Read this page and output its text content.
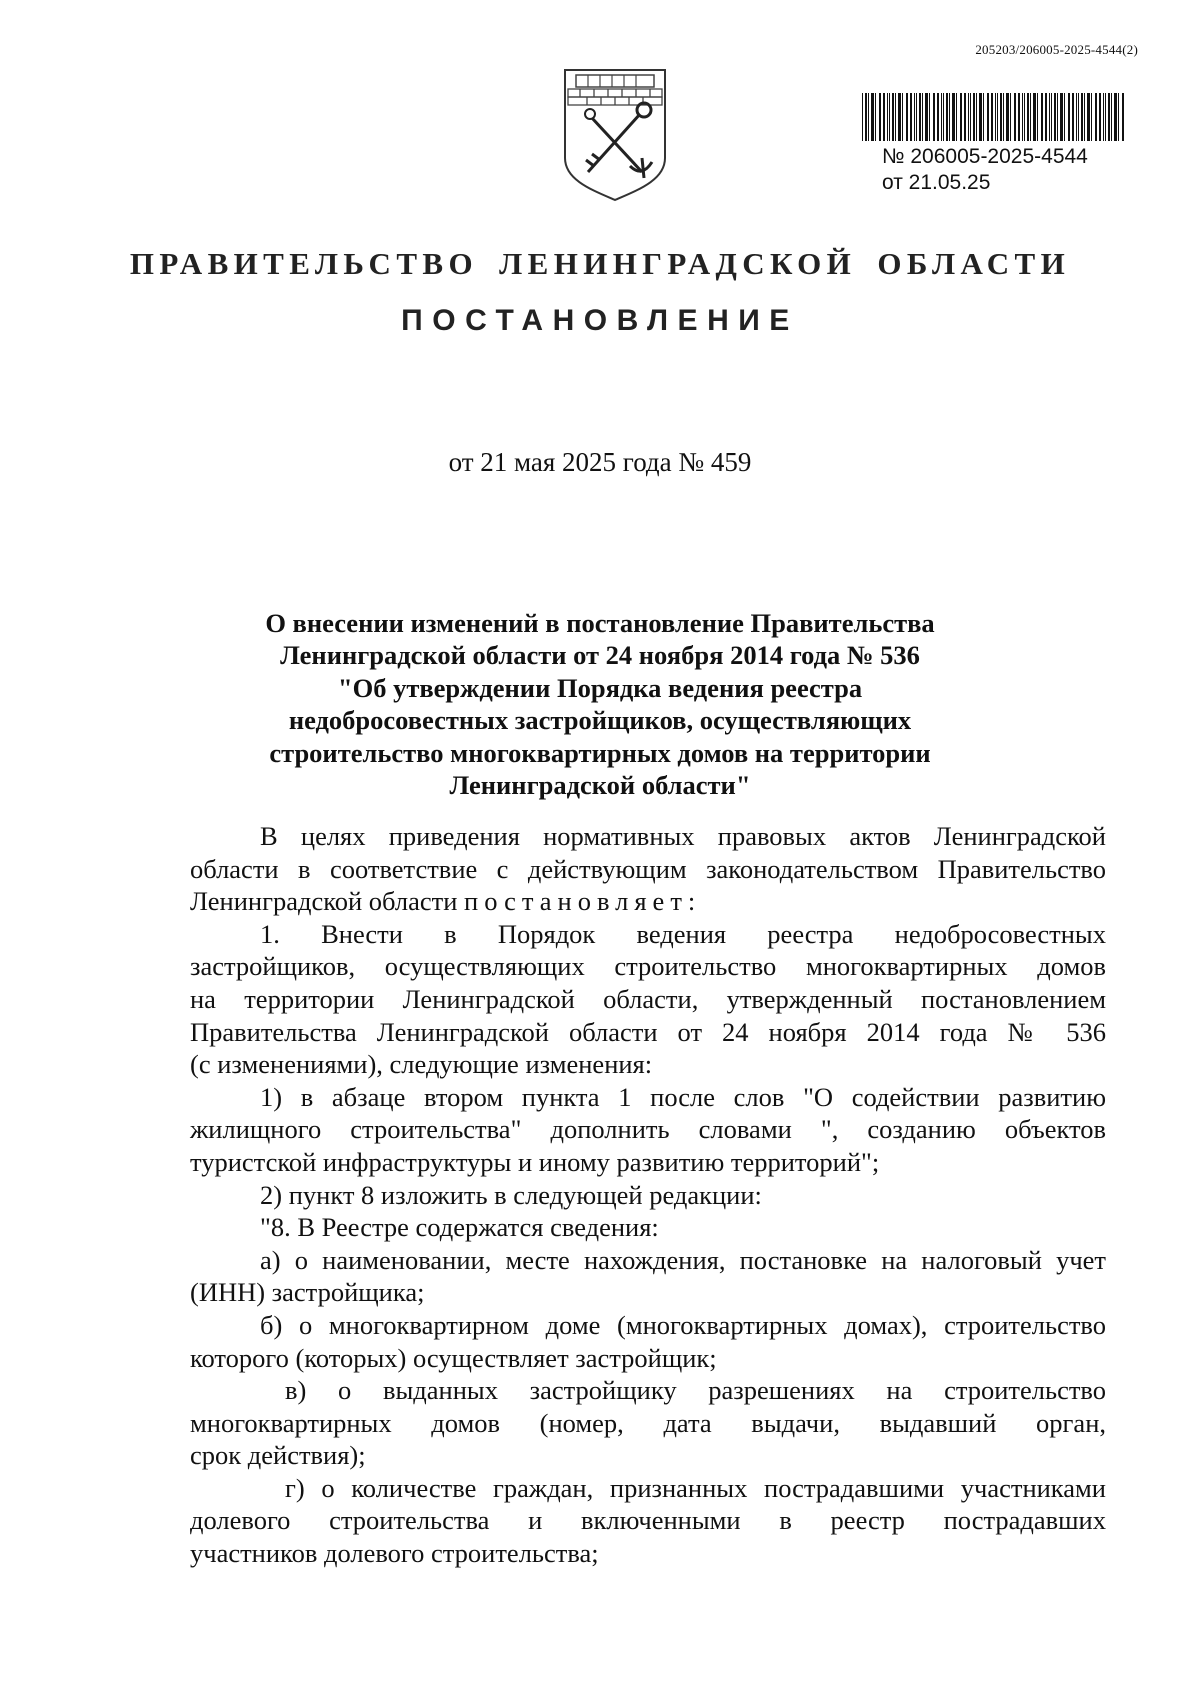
205203/206005-2025-4544(2)
№ 206005-2025-4544
от 21.05.25
ПРАВИТЕЛЬСТВО ЛЕНИНГРАДСКОЙ ОБЛАСТИ
ПОСТАНОВЛЕНИЕ
от 21 мая 2025 года № 459
О внесении изменений в постановление Правительства
Ленинградской области от 24 ноября 2014 года № 536
"Об утверждении Порядка ведения реестра
недобросовестных застройщиков, осуществляющих
строительство многоквартирных домов на территории
Ленинградской области"
В целях приведения нормативных правовых актов Ленинградской
области в соответствие с действующим законодательством Правительство
Ленинградской области постановляет:
1. Внести в Порядок ведения реестра недобросовестных
застройщиков, осуществляющих строительство многоквартирных домов
на территории Ленинградской области, утвержденный постановлением
Правительства Ленинградской области от 24 ноября 2014 года № 536
(с изменениями), следующие изменения:
1) в абзаце втором пункта 1 после слов "О содействии развитию
жилищного строительства" дополнить словами ", созданию объектов
туристской инфраструктуры и иному развитию территорий";
2) пункт 8 изложить в следующей редакции:
"8. В Реестре содержатся сведения:
а) о наименовании, месте нахождения, постановке на налоговый учет
(ИНН) застройщика;
б) о многоквартирном доме (многоквартирных домах), строительство
которого (которых) осуществляет застройщик;
в) о выданных застройщику разрешениях на строительство
многоквартирных домов (номер, дата выдачи, выдавший орган,
срок действия);
г) о количестве граждан, признанных пострадавшими участниками
долевого строительства и включенными в реестр пострадавших
участников долевого строительства;
